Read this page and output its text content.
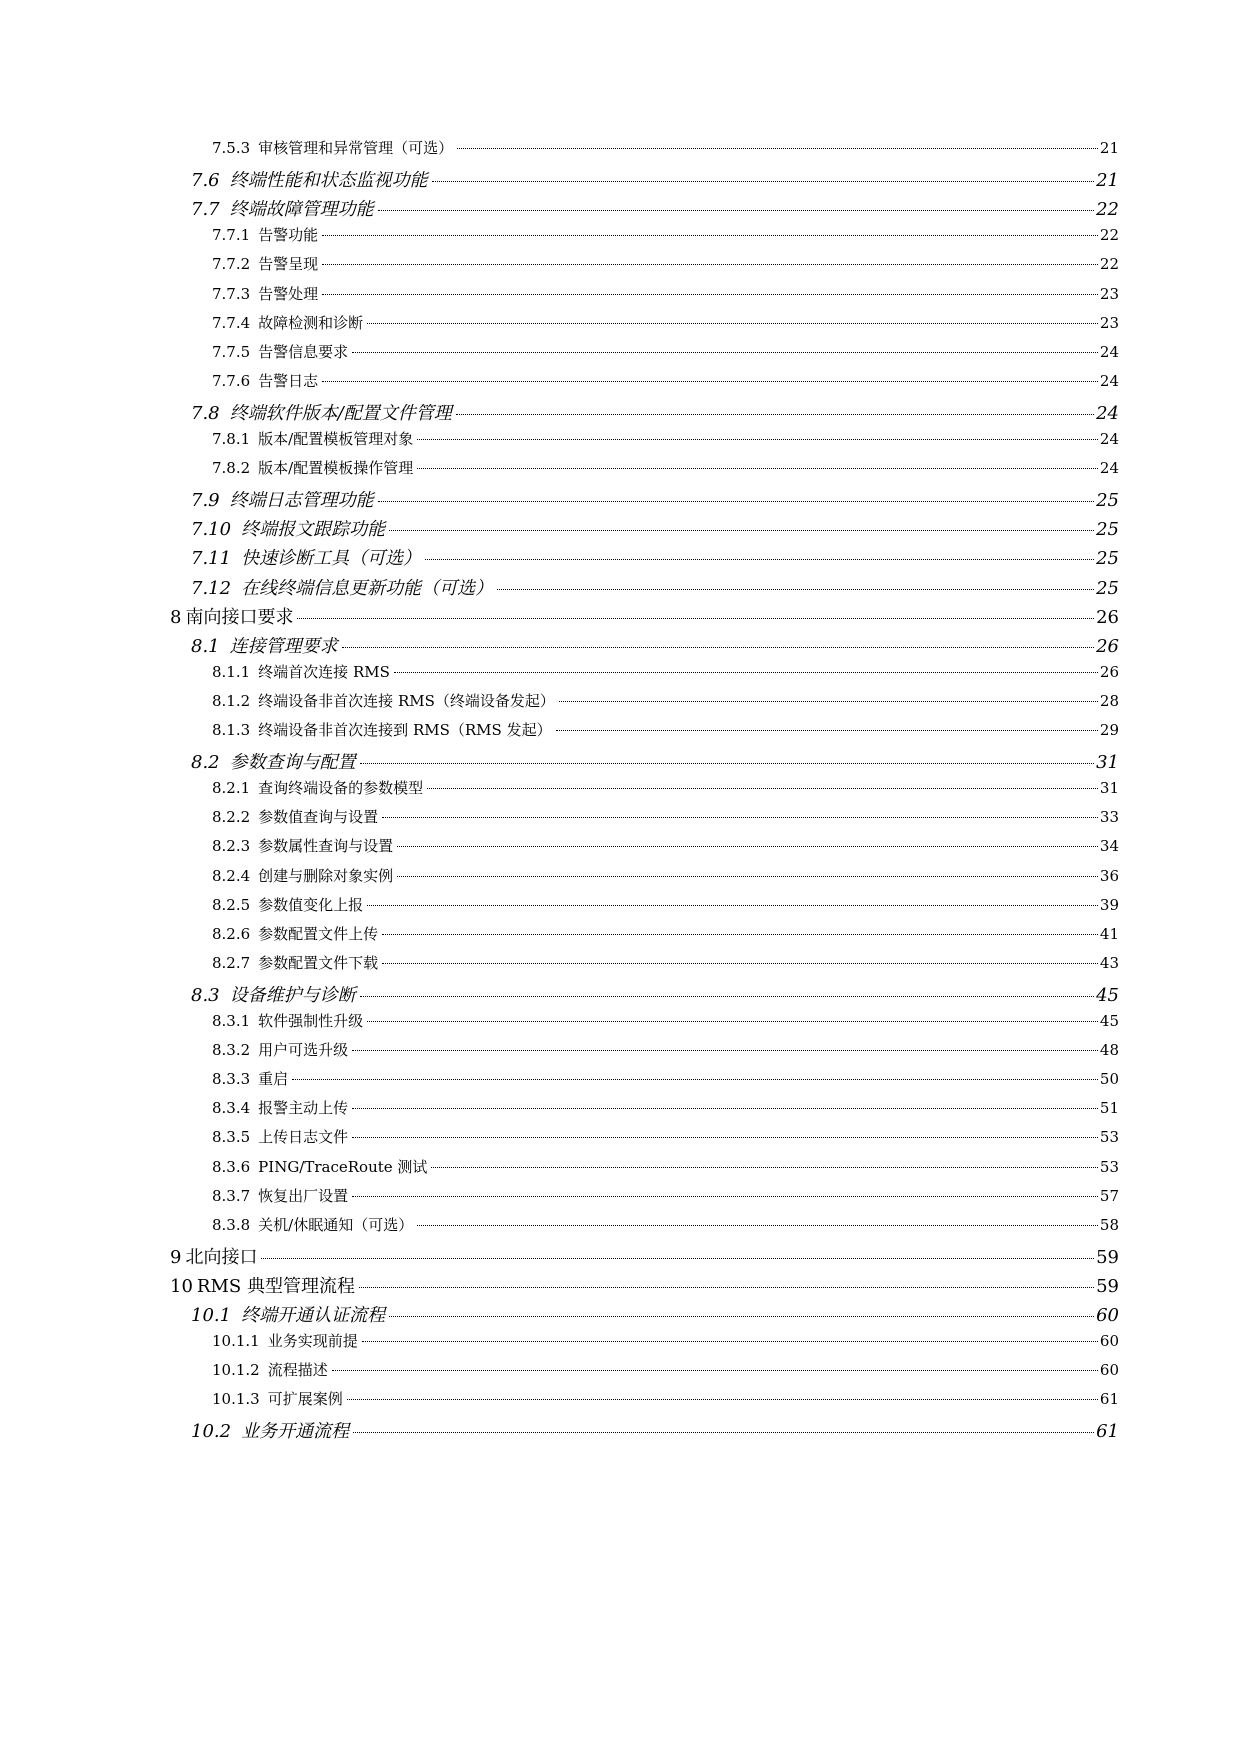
7.5.3 审核管理和异常管理（可选）	21
7.6 终端性能和状态监视功能	21
7.7 终端故障管理功能	22
7.7.1 告警功能	22
7.7.2 告警呈现	22
7.7.3 告警处理	23
7.7.4 故障检测和诊断	23
7.7.5 告警信息要求	24
7.7.6 告警日志	24
7.8 终端软件版本/配置文件管理	24
7.8.1 版本/配置模板管理对象	24
7.8.2 版本/配置模板操作管理	24
7.9 终端日志管理功能	25
7.10 终端报文跟踪功能	25
7.11 快速诊断工具（可选）	25
7.12 在线终端信息更新功能（可选）	25
8 南向接口要求	26
8.1 连接管理要求	26
8.1.1 终端首次连接 RMS	26
8.1.2 终端设备非首次连接 RMS（终端设备发起）	28
8.1.3 终端设备非首次连接到 RMS（RMS 发起）	29
8.2 参数查询与配置	31
8.2.1 查询终端设备的参数模型	31
8.2.2 参数值查询与设置	33
8.2.3 参数属性查询与设置	34
8.2.4 创建与删除对象实例	36
8.2.5 参数值变化上报	39
8.2.6 参数配置文件上传	41
8.2.7 参数配置文件下载	43
8.3 设备维护与诊断	45
8.3.1 软件强制性升级	45
8.3.2 用户可选升级	48
8.3.3 重启	50
8.3.4 报警主动上传	51
8.3.5 上传日志文件	53
8.3.6 PING/TraceRoute 测试	53
8.3.7 恢复出厂设置	57
8.3.8 关机/休眠通知（可选）	58
9 北向接口	59
10 RMS 典型管理流程	59
10.1 终端开通认证流程	60
10.1.1 业务实现前提	60
10.1.2 流程描述	60
10.1.3 可扩展案例	61
10.2 业务开通流程	61
